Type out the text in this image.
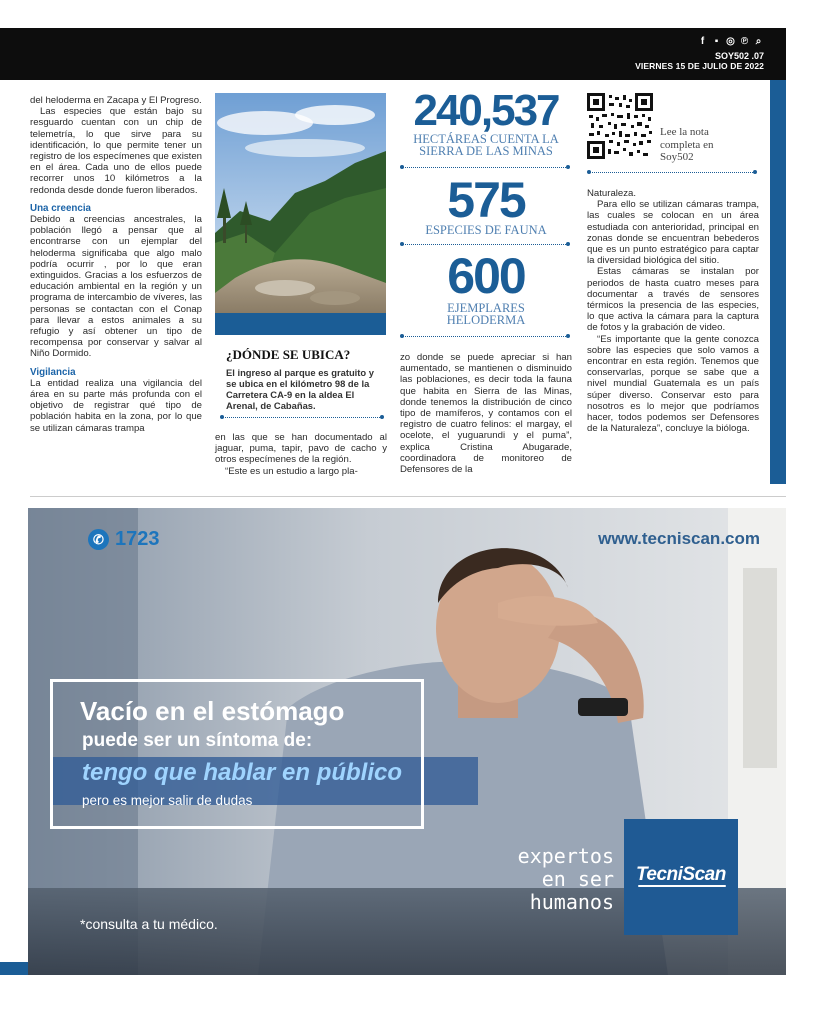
f	▪ ◎ ℗ ⌕
SOY502 .07
VIERNES 15 DE JULIO DE 2022

del heloderma en Zacapa y El Progreso.

Las especies que están bajo su resguardo cuentan con un chip de telemetría, lo que sirve para su identificación, lo que permite tener un registro de los especímenes que existen en el área. Cada uno de ellos puede recorrer unos 10 kilómetros a la redonda desde donde fueron liberados.

Una creencia

Debido a creencias ancestrales, la población llegó a pensar que al encontrarse con un ejemplar del heloderma significaba que algo malo podría ocurrir , por lo que eran extinguidos. Gracias a los esfuerzos de educación ambiental en la región y un programa de intercambio de víveres, las personas se contactan con el Conap para llevar a estos animales a su refugio y así obtener un tipo de recompensa por conservar y salvar al Niño Dormido.

Vigilancia

La entidad realiza una vigilancia del área en su parte más profunda con el objetivo de registrar qué tipo de población habita en la zona, por lo que se utilizan cámaras trampa

¿DÓNDE SE UBICA?
El ingreso al parque es gratuito y se ubica en el kilómetro 98 de la Carretera CA-9 en la aldea El Arenal, de Cabañas.

en las que se han documentado al jaguar, puma, tapir, pavo de cacho y otros especímenes de la región.

“Este es un estudio a largo pla-

240,537
HECTÁREAS CUENTA LA SIERRA DE LAS MINAS
575
ESPECIES DE FAUNA
600
EJEMPLARES HELODERMA

zo donde se puede apreciar si han aumentado, se mantienen o disminuido las poblaciones, es decir toda la fauna que habita en Sierra de las Minas, donde tenemos la distribución de cinco tipo de mamíferos, y contamos con el registro de cuatro felinos: el margay, el ocelote, el yuguarundi y el puma”, explica Cristina Abugarade, coordinadora de monitoreo de Defensores de la

Lee la nota
completa en
Soy502

Naturaleza.

Para ello se utilizan cámaras trampa, las cuales se colocan en un área estudiada con anterioridad, principal en zonas donde se encuentran bebederos que es un punto estratégico para captar la diversidad biológica del sitio.

Estas cámaras se instalan por periodos de hasta cuatro meses para documentar a través de sensores térmicos la presencia de las especies, lo que activa la cámara para la captura de fotos y la grabación de video.

“Es importante que la gente conozca sobre las especies que solo vamos a encontrar en esta región. Tenemos que conservarlas, porque se sabe que a nivel mundial Guatemala es un país súper diverso. Conservar esto para nosotros es lo mejor que podríamos hacer, todos podemos ser Defensores de la Naturaleza”, concluye la bióloga.

✆ 1723	www.tecniscan.com
Vacío en el estómago
puede ser un síntoma de:
tengo que hablar en público
pero es mejor salir de dudas
expertos
en ser
humanos
TecniScan
*consulta a tu médico.
